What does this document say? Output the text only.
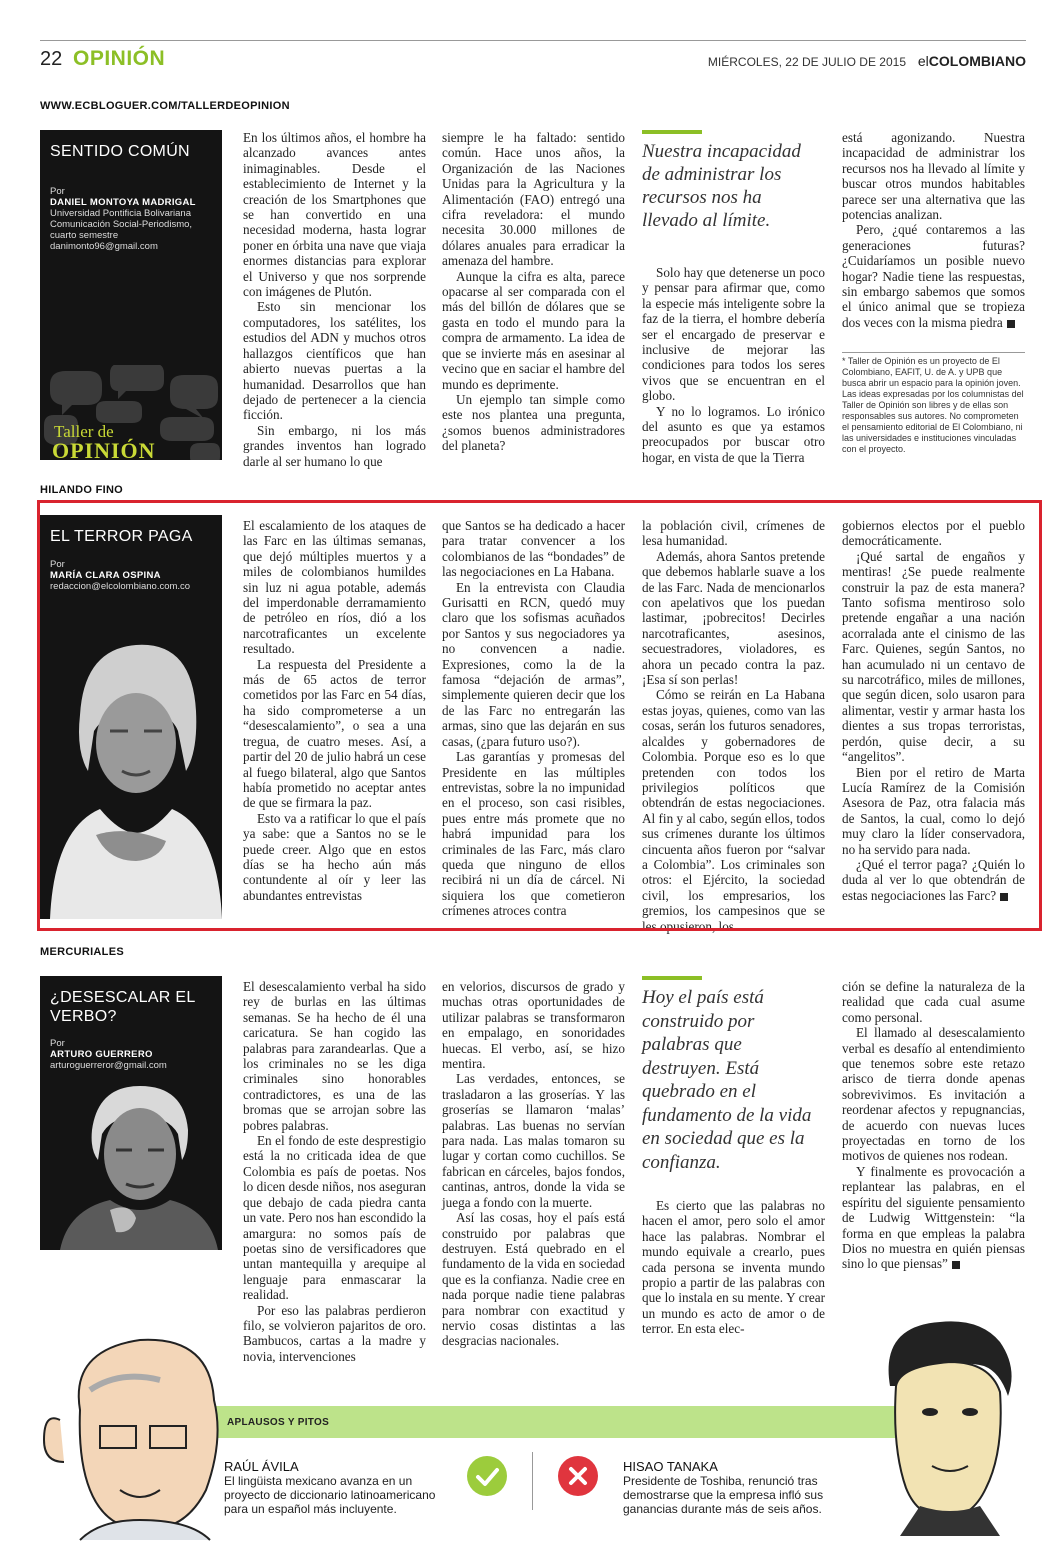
22 OPINIÓN	MIÉRCOLES, 22 DE JULIO DE 2015 elCOLOMBIANO
WWW.ECBLOGUER.COM/TALLERDEOPINION
SENTIDO COMÚN
Por
DANIEL MONTOYA MADRIGAL
Universidad Pontificia Bolivariana
Comunicación Social-Periodismo,
cuarto semestre
danimonto96@gmail.com
Taller de
OPINIÓN

En los últimos años, el hombre ha alcanzado avances antes inimaginables. Desde el establecimiento de Internet y la creación de los Smartphones que se han convertido en una necesidad moderna, hasta lograr poner en órbita una nave que viaja enormes distancias para explorar el Universo y que nos sorprende con imágenes de Plutón.

Esto sin mencionar los computadores, los satélites, los estudios del ADN y muchos otros hallazgos científicos que han abierto nuevas puertas a la humanidad. Desarrollos que han dejado de pertenecer a la ciencia ficción.

Sin embargo, ni los más grandes inventos han logrado darle al ser humano lo que

siempre le ha faltado: sentido común. Hace unos años, la Organización de las Naciones Unidas para la Agricultura y la Alimentación (FAO) entregó una cifra reveladora: el mundo necesita 30.000 millones de dólares anuales para erradicar la amenaza del hambre.

Aunque la cifra es alta, parece opacarse al ser comparada con el más del billón de dólares que se gasta en todo el mundo para la compra de armamento. La idea de que se invierte más en asesinar al vecino que en saciar el hambre del mundo es deprimente.

Un ejemplo tan simple como este nos plantea una pregunta, ¿somos buenos administradores del planeta?

Nuestra incapacidad de administrar los recursos nos ha llevado al límite.

Solo hay que detenerse un poco y pensar para afirmar que, como la especie más inteligente sobre la faz de la tierra, el hombre debería ser el encargado de preservar e inclusive de mejorar las condiciones para todos los seres vivos que se encuentran en el globo.

Y no lo logramos. Lo irónico del asunto es que ya estamos preocupados por buscar otro hogar, en vista de que la Tierra

está agonizando. Nuestra incapacidad de administrar los recursos nos ha llevado al límite y buscar otros mundos habitables parece ser una alternativa que las potencias analizan.

Pero, ¿qué contaremos a las generaciones futuras? ¿Cuidaríamos un posible nuevo hogar? Nadie tiene las respuestas, sin embargo sabemos que somos el único animal que se tropieza dos veces con la misma piedra

* Taller de Opinión es un proyecto de El Colombiano, EAFIT, U. de A. y UPB que busca abrir un espacio para la opinión joven. Las ideas expresadas por los columnistas del Taller de Opinión son libres y de ellas son responsables sus autores. No comprometen el pensamiento editorial de El Colombiano, ni las universidades e instituciones vinculadas con el proyecto.
HILANDO FINO
EL TERROR PAGA
Por
MARÍA CLARA OSPINA
redaccion@elcolombiano.com.co

El escalamiento de los ataques de las Farc en las últimas semanas, que dejó múltiples muertos y a miles de colombianos humildes sin luz ni agua potable, además del imperdonable derramamiento de petróleo en ríos, dió a los narcotraficantes un excelente resultado.

La respuesta del Presidente a más de 65 actos de terror cometidos por las Farc en 54 días, ha sido comprometerse a un “desescalamiento”, o sea a una tregua, de cuatro meses. Así, a partir del 20 de julio habrá un cese al fuego bilateral, algo que Santos había prometido no aceptar antes de que se firmara la paz.

Esto va a ratificar lo que el país ya sabe: que a Santos no se le puede creer. Algo que en estos días se ha hecho aún más contundente al oír y leer las abundantes entrevistas

que Santos se ha dedicado a hacer para tratar convencer a los colombianos de las “bondades” de las negociaciones en La Habana.

En la entrevista con Claudia Gurisatti en RCN, quedó muy claro que los sofismas acuñados por Santos y sus negociadores ya no convencen a nadie. Expresiones, como la de la famosa “dejación de armas”, simplemente quieren decir que los de las Farc no entregarán las armas, sino que las dejarán en sus casas, (¿para futuro uso?).

Las garantías y promesas del Presidente en las múltiples entrevistas, sobre la no impunidad en el proceso, son casi risibles, pues entre más promete que no habrá impunidad para los criminales de las Farc, más claro queda que ninguno de ellos recibirá ni un día de cárcel. Ni siquiera los que cometieron crímenes atroces contra

la población civil, crímenes de lesa humanidad.

Además, ahora Santos pretende que debemos hablarle suave a los de las Farc. Nada de mencionarlos con apelativos que los puedan lastimar, ¡pobrecitos! Decirles narcotraficantes, asesinos, secuestradores, violadores, es ahora un pecado contra la paz. ¡Esa sí son perlas!

Cómo se reirán en La Habana estas joyas, quienes, como van las cosas, serán los futuros senadores, alcaldes y gobernadores de Colombia. Porque eso es lo que pretenden con todos los privilegios políticos que obtendrán de estas negociaciones. Al fin y al cabo, según ellos, todos sus crímenes durante los últimos cincuenta años fueron por “salvar a Colombia”. Los criminales son otros: el Ejército, la sociedad civil, los empresarios, los gremios, los campesinos que se les opusieron, los

gobiernos electos por el pueblo democráticamente.

¡Qué sartal de engaños y mentiras! ¿Se puede realmente construir la paz de esta manera? Tanto sofisma mentiroso solo pretende engañar a una nación acorralada ante el cinismo de las Farc. Quienes, según Santos, no han acumulado ni un centavo de su narcotráfico, miles de millones, que según dicen, solo usaron para alimentar, vestir y armar hasta los dientes a sus tropas terroristas, perdón, quise decir, a su “angelitos”.

Bien por el retiro de Marta Lucía Ramírez de la Comisión Asesora de Paz, otra falacia más de Santos, la cual, como lo dejó muy claro la líder conservadora, no ha servido para nada.

¿Qué el terror paga? ¿Quién lo duda al ver lo que obtendrán de estas negociaciones las Farc?

MERCURIALES
¿DESESCALAR EL VERBO?
Por
ARTURO GUERRERO
arturoguerreror@gmail.com

El desescalamiento verbal ha sido rey de burlas en las últimas semanas. Se ha hecho de él una caricatura. Se han cogido las palabras para zarandearlas. Que a los criminales no se les diga criminales sino honorables contradictores, es una de las bromas que se arrojan sobre las pobres palabras.

En el fondo de este desprestigio está la no criticada idea de que Colombia es país de poetas. Nos lo dicen desde niños, nos aseguran que debajo de cada piedra canta un vate. Pero nos han escondido la amargura: no somos país de poetas sino de versificadores que untan mantequilla y arequipe al lenguaje para enmascarar la realidad.

Por eso las palabras perdieron filo, se volvieron pajaritos de oro. Bambucos, cartas a la madre y novia, intervenciones

en velorios, discursos de grado y muchas otras oportunidades de utilizar palabras se transformaron en empalago, en sonoridades huecas. El verbo, así, se hizo mentira.

Las verdades, entonces, se trasladaron a las groserías. Y las groserías se llamaron ‘malas’ palabras. Las buenas no servían para nada. Las malas tomaron su lugar y cortan como cuchillos. Se fabrican en cárceles, bajos fondos, cantinas, antros, donde la vida se juega a fondo con la muerte.

Así las cosas, hoy el país está construido por palabras que destruyen. Está quebrado en el fundamento de la vida en sociedad que es la confianza. Nadie cree en nada porque nadie tiene palabras para nombrar con exactitud y nervio cosas distintas a las desgracias nacionales.

Hoy el país está construido por palabras que destruyen. Está quebrado en el fundamento de la vida en sociedad que es la confianza.

Es cierto que las palabras no hacen el amor, pero solo el amor hace las palabras. Nombrar el mundo equivale a crearlo, pues cada persona se inventa mundo propio a partir de las palabras con que lo instala en su mente. Y crear un mundo es acto de amor o de terror. En esta elec-

ción se define la naturaleza de la realidad que cada cual asume como personal.

El llamado al desescalamiento verbal es desafío al entendimiento que tenemos sobre este retazo arisco de tierra donde apenas sobrevivimos. Es invitación a reordenar afectos y repugnancias, de acuerdo con nuevas luces proyectadas en torno de los motivos de quienes nos rodean.

Y finalmente es provocación a replantear las palabras, en el espíritu del siguiente pensamiento de Ludwig Wittgenstein: “la forma en que empleas la palabra Dios no muestra en quién piensas sino lo que piensas”

APLAUSOS Y PITOS
RAÚL ÁVILA
El lingüista mexicano avanza en un proyecto de diccionario latinoamericano para un español más incluyente.
HISAO TANAKA
Presidente de Toshiba, renunció tras demostrarse que la empresa infló sus ganancias durante más de seis años.
